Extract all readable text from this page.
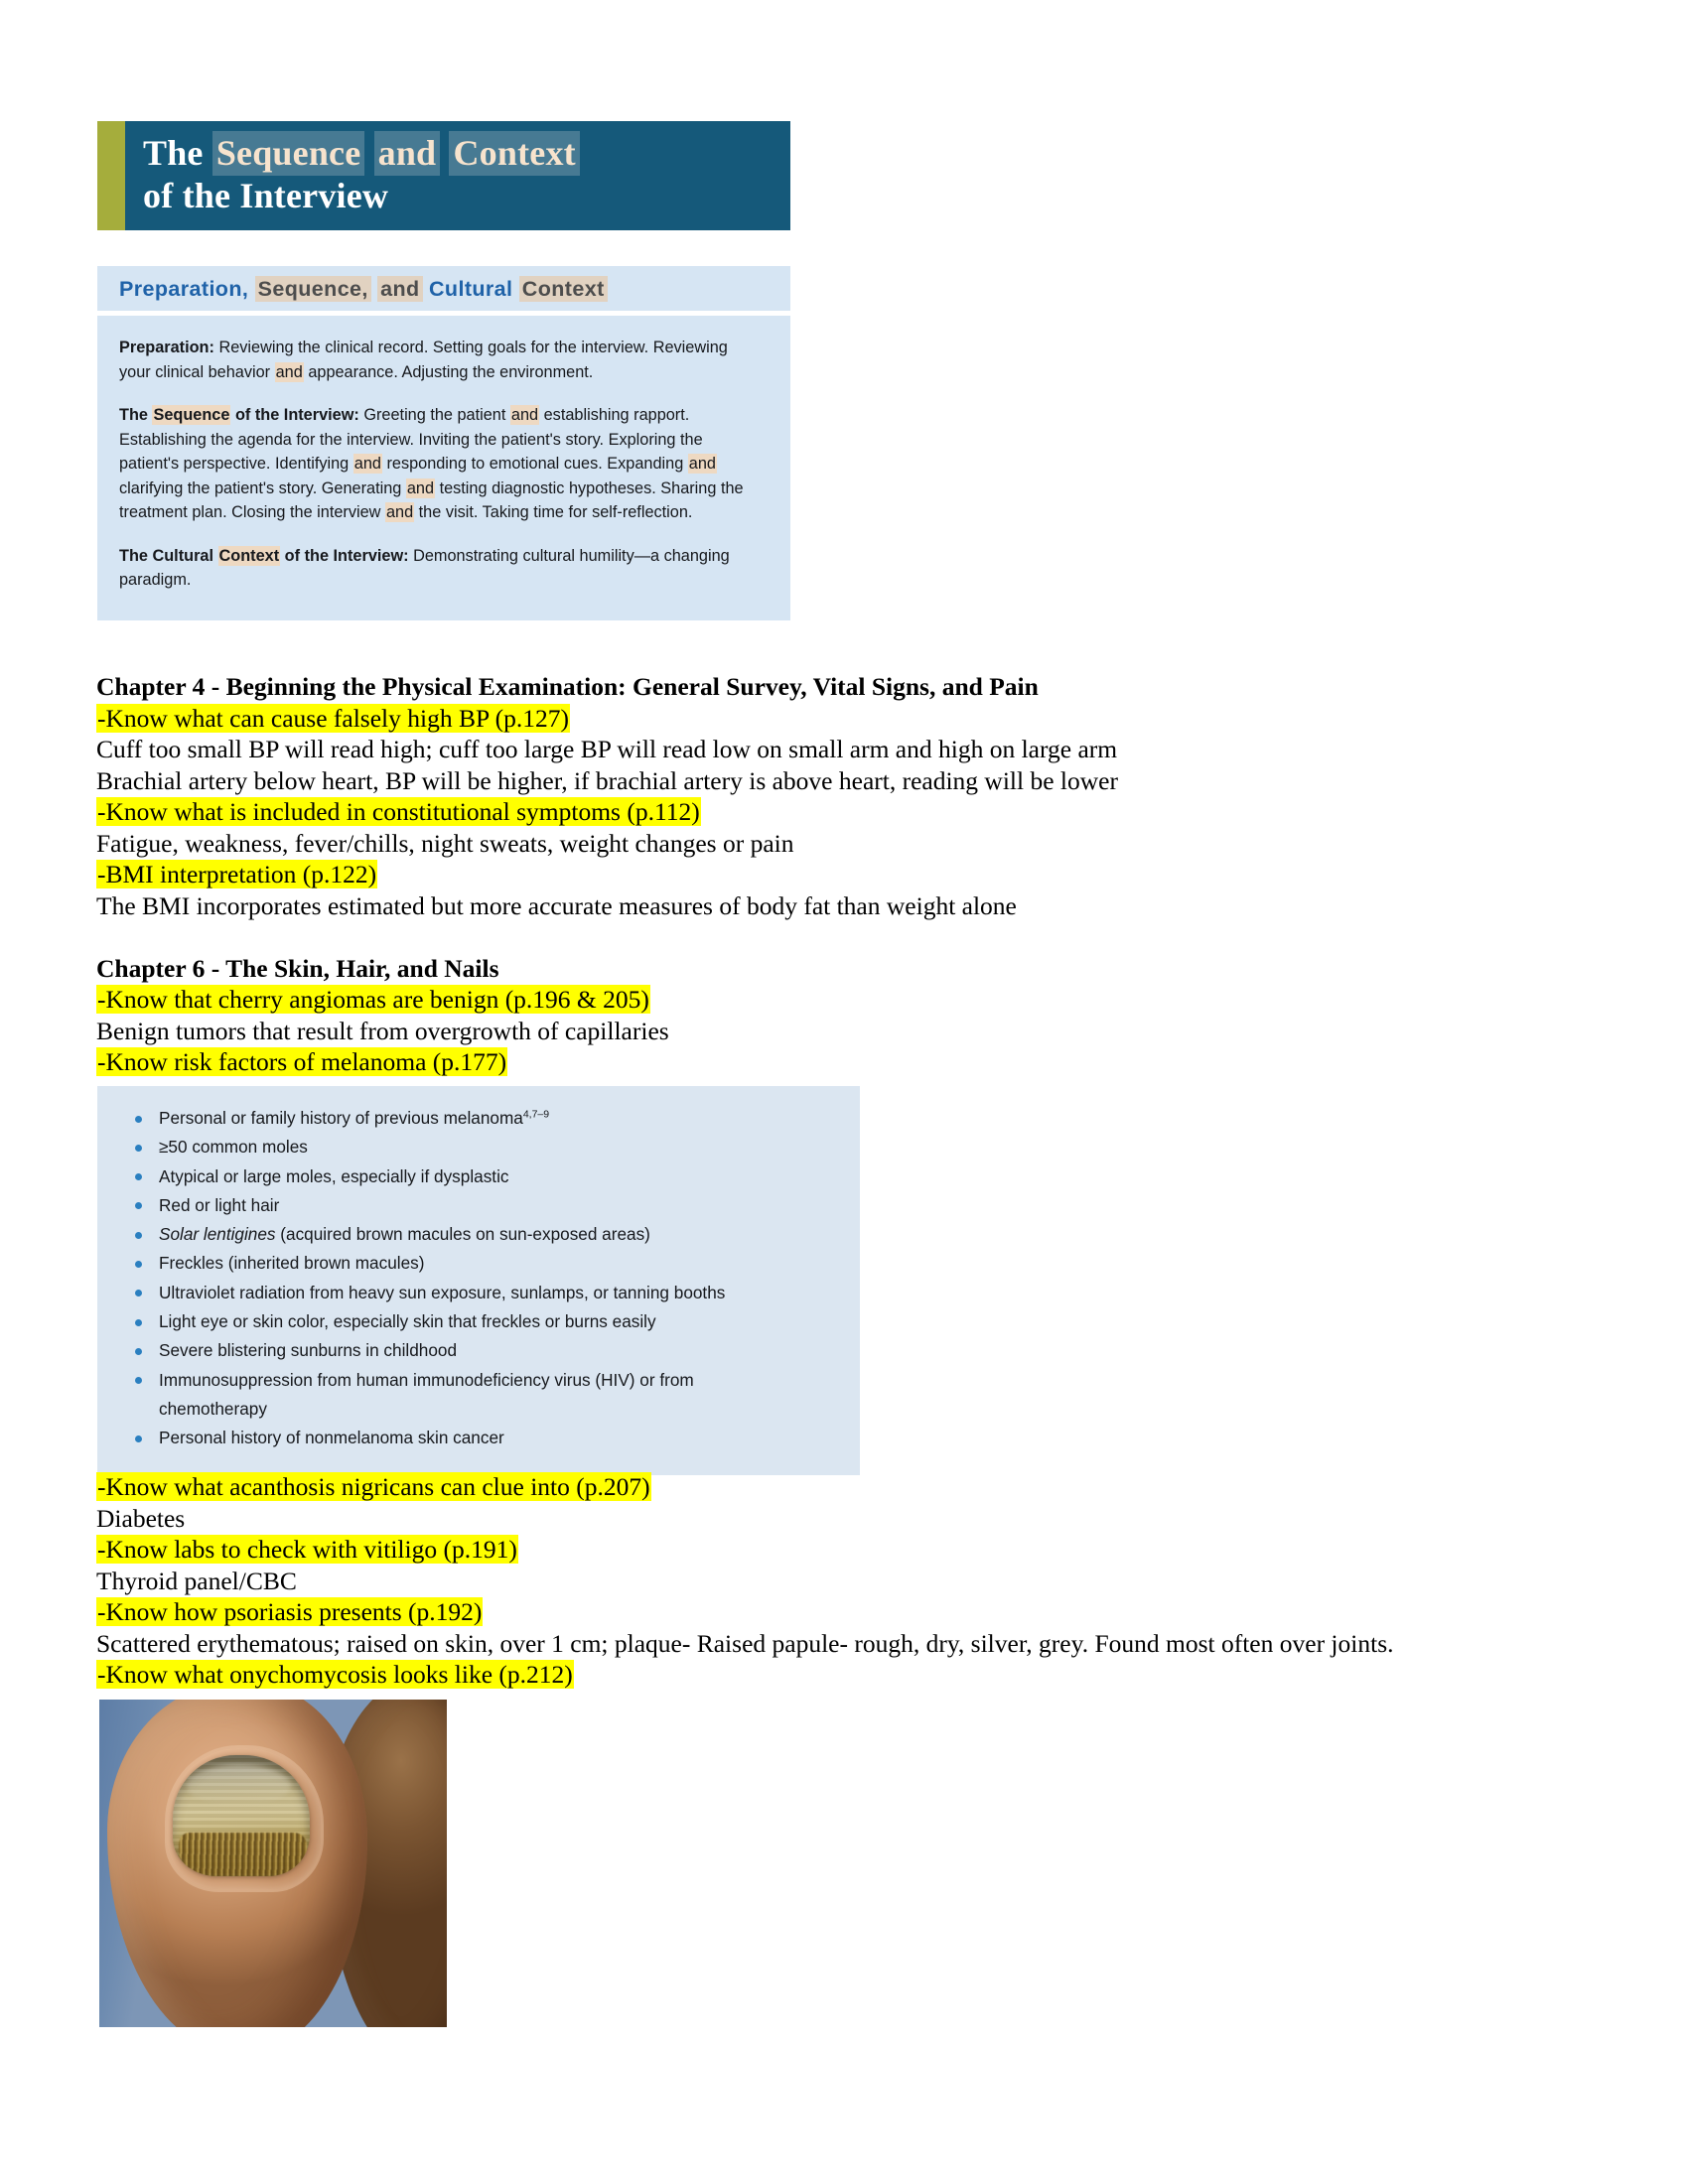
The Sequence and Context
of the Interview
Preparation, Sequence, and Cultural Context
Preparation: Reviewing the clinical record. Setting goals for the interview. Reviewing your clinical behavior and appearance. Adjusting the environment.
The Sequence of the Interview: Greeting the patient and establishing rapport. Establishing the agenda for the interview. Inviting the patient's story. Exploring the patient's perspective. Identifying and responding to emotional cues. Expanding and clarifying the patient's story. Generating and testing diagnostic hypotheses. Sharing the treatment plan. Closing the interview and the visit. Taking time for self-reflection.
The Cultural Context of the Interview: Demonstrating cultural humility—a changing paradigm.
Chapter 4 - Beginning the Physical Examination: General Survey, Vital Signs, and Pain
-Know what can cause falsely high BP (p.127)
Cuff too small BP will read high; cuff too large BP will read low on small arm and high on large arm
Brachial artery below heart, BP will be higher, if brachial artery is above heart, reading will be lower
-Know what is included in constitutional symptoms (p.112)
Fatigue, weakness, fever/chills, night sweats, weight changes or pain
-BMI interpretation (p.122)
The BMI incorporates estimated but more accurate measures of body fat than weight alone
Chapter 6 - The Skin, Hair, and Nails
-Know that cherry angiomas are benign (p.196 & 205)
Benign tumors that result from overgrowth of capillaries
-Know risk factors of melanoma (p.177)
Personal or family history of previous melanoma$^{4,7-9}$
≥50 common moles
Atypical or large moles, especially if dysplastic
Red or light hair
Solar lentigines (acquired brown macules on sun-exposed areas)
Freckles (inherited brown macules)
Ultraviolet radiation from heavy sun exposure, sunlamps, or tanning booths
Light eye or skin color, especially skin that freckles or burns easily
Severe blistering sunburns in childhood
Immunosuppression from human immunodeficiency virus (HIV) or from
chemotherapy
Personal history of nonmelanoma skin cancer
-Know what acanthosis nigricans can clue into (p.207)
Diabetes
-Know labs to check with vitiligo (p.191)
Thyroid panel/CBC
-Know how psoriasis presents (p.192)
Scattered erythematous; raised on skin, over 1 cm; plaque- Raised papule- rough, dry, silver, grey. Found most often over joints.
-Know what onychomycosis looks like (p.212)
